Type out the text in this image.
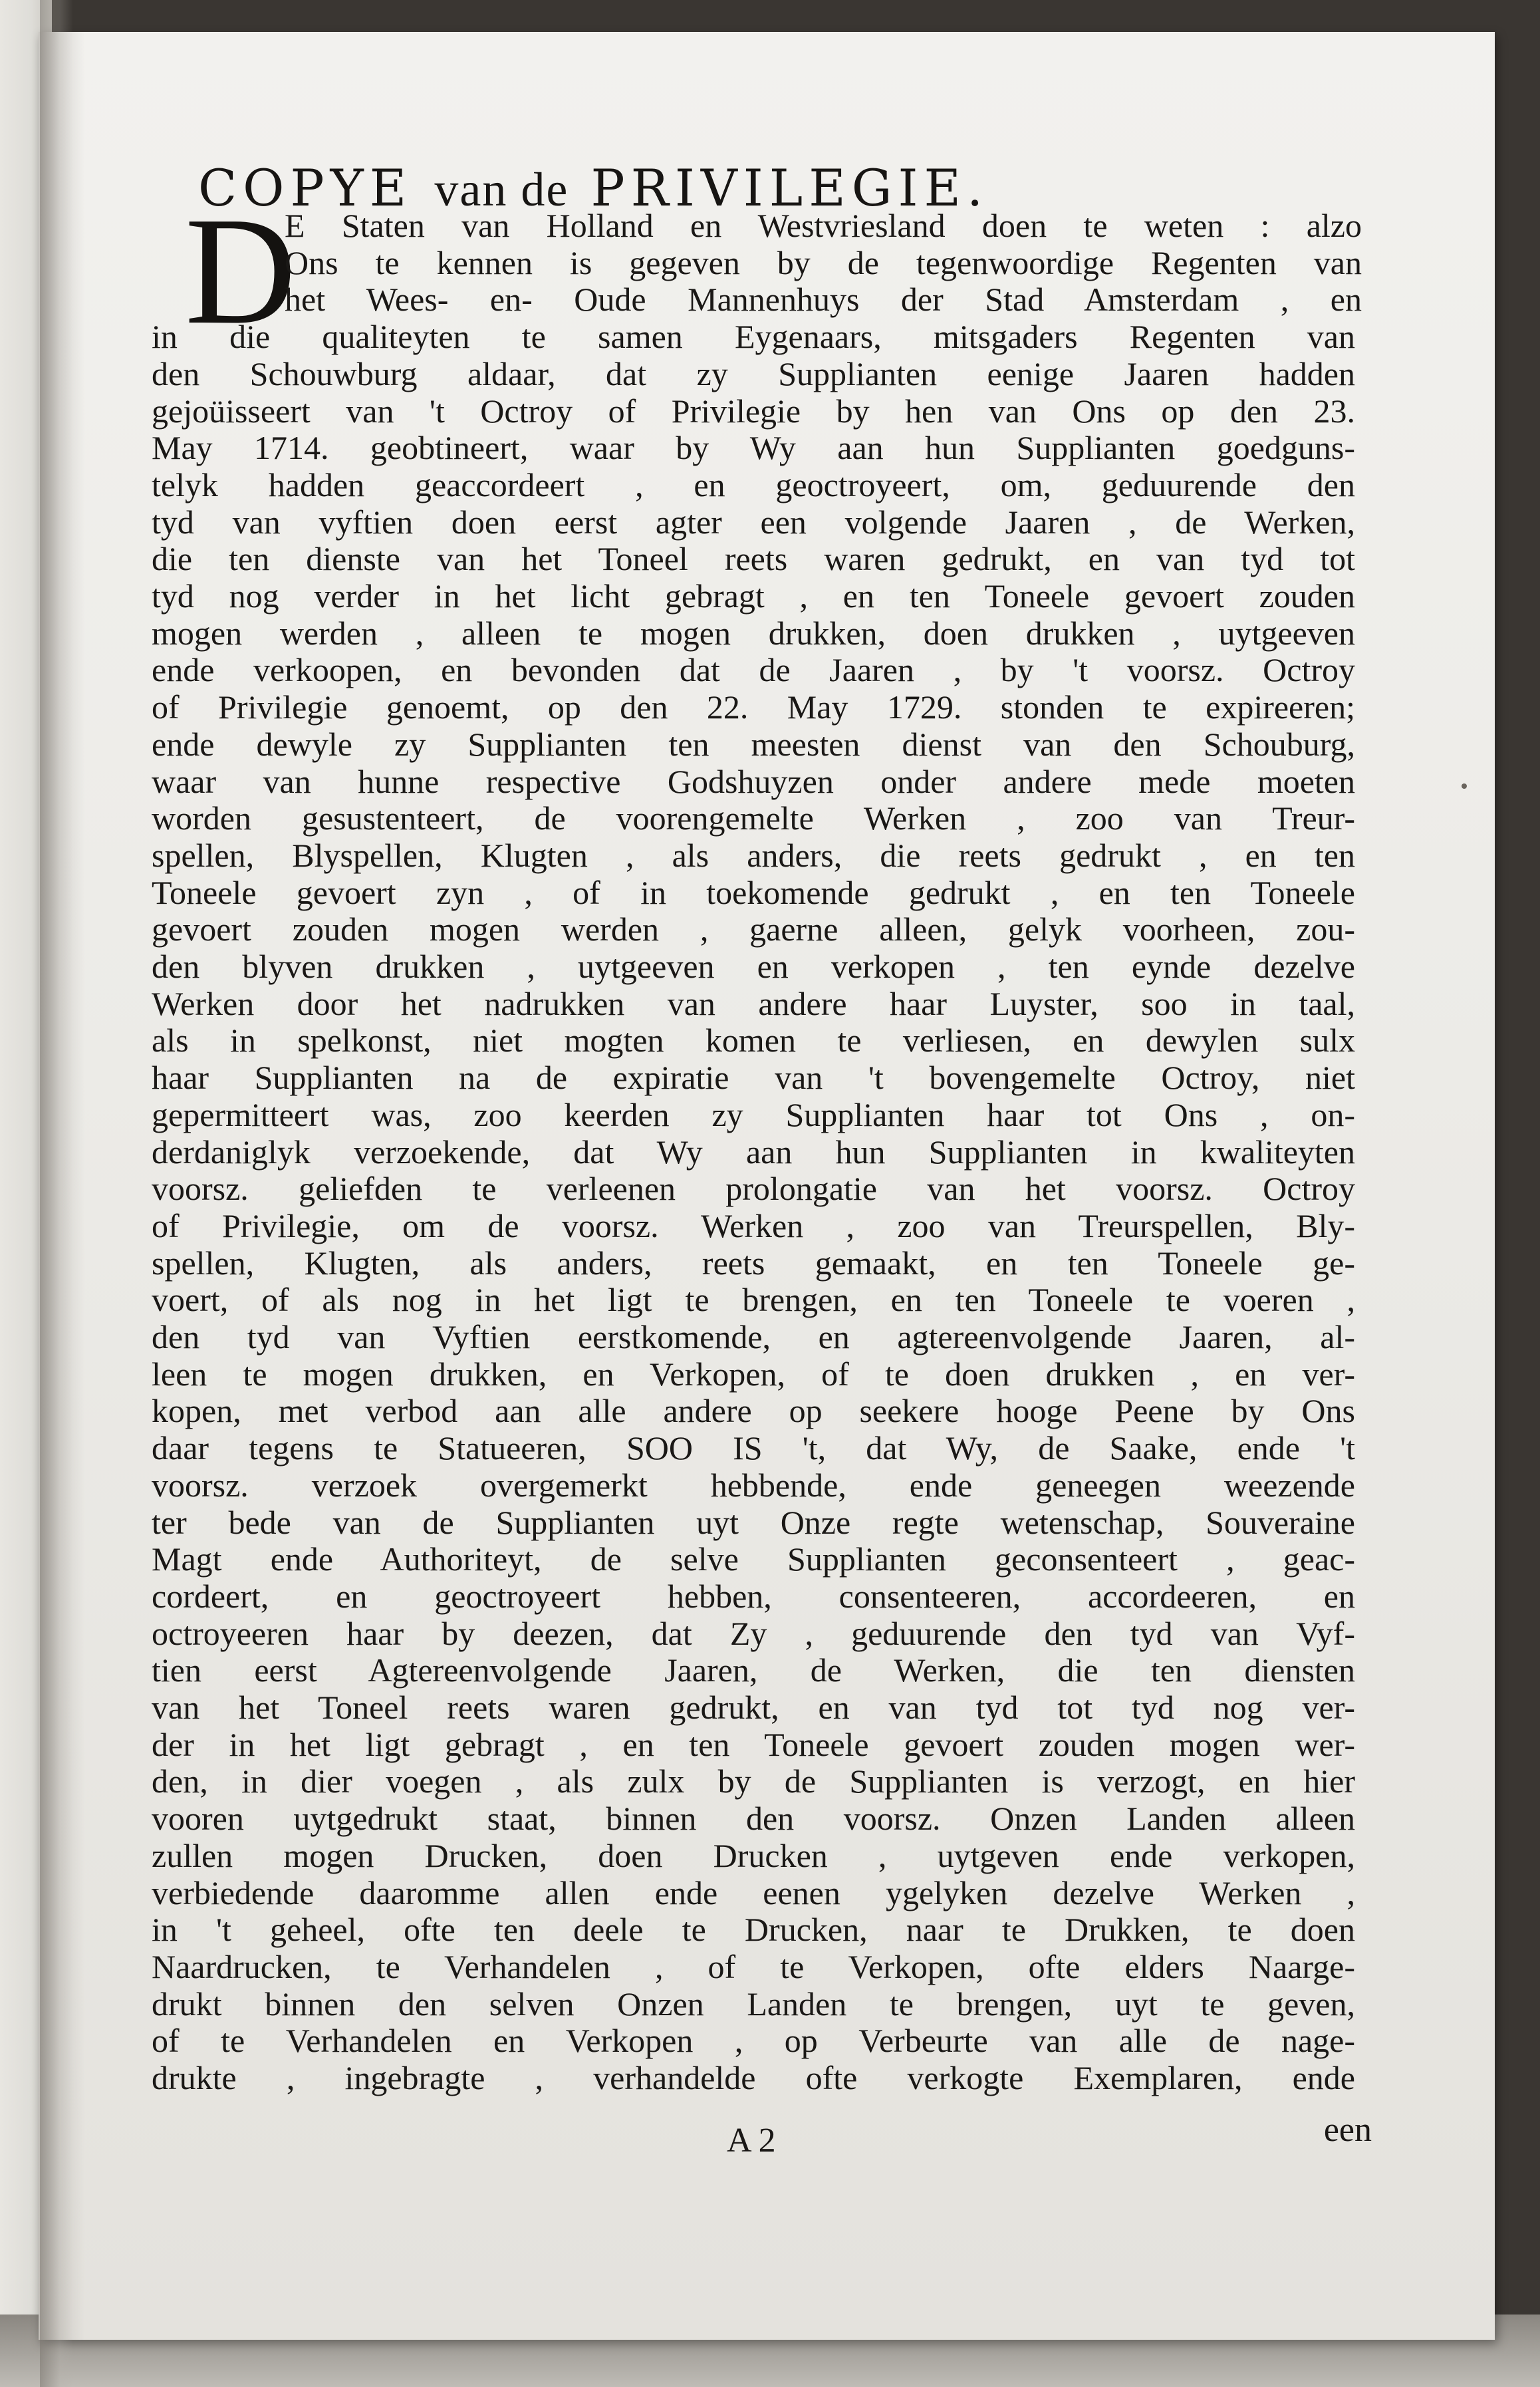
COPYE van de PRIVILEGIE.
D
E Staten van Holland en Westvriesland doen te weten : alzo
Ons te kennen is gegeven by de tegenwoordige Regenten van
het Wees- en- Oude Mannenhuys der Stad Amsterdam , en
in die qualiteyten te samen Eygenaars, mitsgaders Regenten van
den Schouwburg aldaar, dat zy Supplianten eenige Jaaren hadden
gejoüisseert van 't Octroy of Privilegie by hen van Ons op den 23.
May 1714. geobtineert, waar by Wy aan hun Supplianten goedguns-
telyk hadden geaccordeert , en geoctroyeert, om, geduurende den
tyd van vyftien doen eerst agter een volgende Jaaren , de Werken,
die ten dienste van het Toneel reets waren gedrukt, en van tyd tot
tyd nog verder in het licht gebragt , en ten Toneele gevoert zouden
mogen werden , alleen te mogen drukken, doen drukken , uytgeeven
ende verkoopen, en bevonden dat de Jaaren , by 't voorsz. Octroy
of Privilegie genoemt, op den 22. May 1729. stonden te expireeren;
ende dewyle zy Supplianten ten meesten dienst van den Schouburg,
waar van hunne respective Godshuyzen onder andere mede moeten
worden gesustenteert, de voorengemelte Werken , zoo van Treur-
spellen, Blyspellen, Klugten , als anders, die reets gedrukt , en ten
Toneele gevoert zyn , of in toekomende gedrukt , en ten Toneele
gevoert zouden mogen werden , gaerne alleen, gelyk voorheen, zou-
den blyven drukken , uytgeeven en verkopen , ten eynde dezelve
Werken door het nadrukken van andere haar Luyster, soo in taal,
als in spelkonst, niet mogten komen te verliesen, en dewylen sulx
haar Supplianten na de expiratie van 't bovengemelte Octroy, niet
gepermitteert was, zoo keerden zy Supplianten haar tot Ons , on-
derdaniglyk verzoekende, dat Wy aan hun Supplianten in kwaliteyten
voorsz. geliefden te verleenen prolongatie van het voorsz. Octroy
of Privilegie, om de voorsz. Werken , zoo van Treurspellen, Bly-
spellen, Klugten, als anders, reets gemaakt, en ten Toneele ge-
voert, of als nog in het ligt te brengen, en ten Toneele te voeren ,
den tyd van Vyftien eerstkomende, en agtereenvolgende Jaaren, al-
leen te mogen drukken, en Verkopen, of te doen drukken , en ver-
kopen, met verbod aan alle andere op seekere hooge Peene by Ons
daar tegens te Statueeren, SOO IS 't, dat Wy, de Saake, ende 't
voorsz. verzoek overgemerkt hebbende, ende geneegen weezende
ter bede van de Supplianten uyt Onze regte wetenschap, Souveraine
Magt ende Authoriteyt, de selve Supplianten geconsenteert , geac-
cordeert, en geoctroyeert hebben, consenteeren, accordeeren, en
octroyeeren haar by deezen, dat Zy , geduurende den tyd van Vyf-
tien eerst Agtereenvolgende Jaaren, de Werken, die ten diensten
van het Toneel reets waren gedrukt, en van tyd tot tyd nog ver-
der in het ligt gebragt , en ten Toneele gevoert zouden mogen wer-
den, in dier voegen , als zulx by de Supplianten is verzogt, en hier
vooren uytgedrukt staat, binnen den voorsz. Onzen Landen alleen
zullen mogen Drucken, doen Drucken , uytgeven ende verkopen,
verbiedende daaromme allen ende eenen ygelyken dezelve Werken ,
in 't geheel, ofte ten deele te Drucken, naar te Drukken, te doen
Naardrucken, te Verhandelen , of te Verkopen, ofte elders Naarge-
drukt binnen den selven Onzen Landen te brengen, uyt te geven,
of te Verhandelen en Verkopen , op Verbeurte van alle de nage-
drukte , ingebragte , verhandelde ofte verkogte Exemplaren, ende
A 2	een
